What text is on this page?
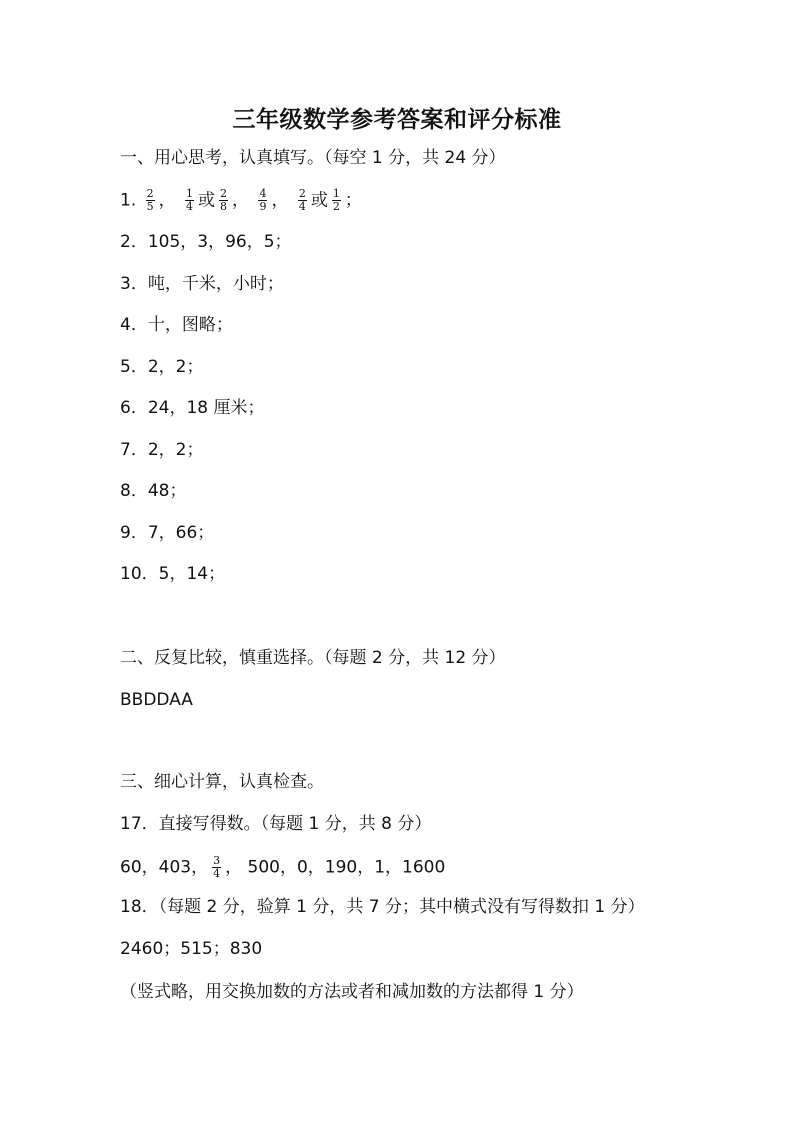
三年级数学参考答案和评分标准
一、用心思考，认真填写。（每空 1 分，共 24 分）
1. $\frac{2}{5}$ ， $\frac{1}{4}$ 或 $\frac{2}{8}$ ， $\frac{4}{9}$ ， $\frac{2}{4}$ 或 $\frac{1}{2}$ ；
2．105，3，96，5；
3．吨，千米，小时；
4．十，图略；
5．2，2；
6．24，18 厘米；
7．2，2；
8．48；
9．7，66；
10．5，14；
二、反复比较，慎重选择。（每题 2 分，共 12 分）
BBDDAA
三、细心计算，认真检查。
17．直接写得数。（每题 1 分，共 8 分）
60，403， $\frac{3}{4}$ ， 500，0，190，1，1600
18．（每题 2 分，验算 1 分，共 7 分；其中横式没有写得数扣 1 分）
2460；515；830
（竖式略，用交换加数的方法或者和减加数的方法都得 1 分）
